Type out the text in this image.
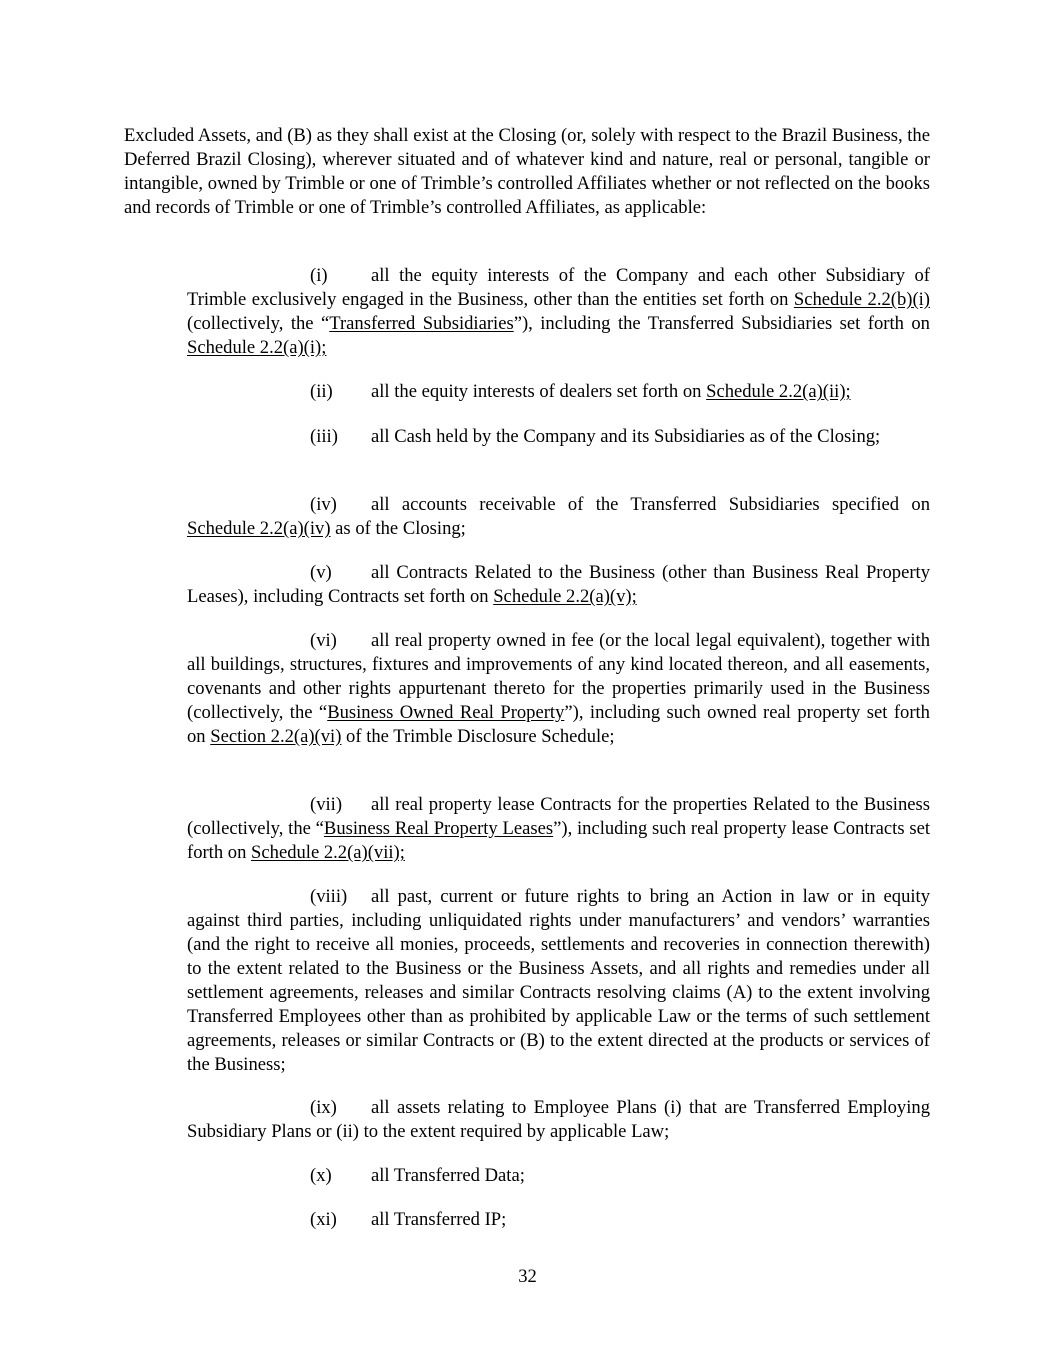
Excluded Assets, and (B) as they shall exist at the Closing (or, solely with respect to the Brazil Business, the Deferred Brazil Closing), wherever situated and of whatever kind and nature, real or personal, tangible or intangible, owned by Trimble or one of Trimble’s controlled Affiliates whether or not reflected on the books and records of Trimble or one of Trimble’s controlled Affiliates, as applicable:

(i) all the equity interests of the Company and each other Subsidiary of Trimble exclusively engaged in the Business, other than the entities set forth on Schedule 2.2(b)(i) (collectively, the “Transferred Subsidiaries”), including the Transferred Subsidiaries set forth on Schedule 2.2(a)(i);

(ii) all the equity interests of dealers set forth on Schedule 2.2(a)(ii);

(iii) all Cash held by the Company and its Subsidiaries as of the Closing;

(iv) all accounts receivable of the Transferred Subsidiaries specified on Schedule 2.2(a)(iv) as of the Closing;

(v) all Contracts Related to the Business (other than Business Real Property Leases), including Contracts set forth on Schedule 2.2(a)(v);

(vi) all real property owned in fee (or the local legal equivalent), together with all buildings, structures, fixtures and improvements of any kind located thereon, and all easements, covenants and other rights appurtenant thereto for the properties primarily used in the Business (collectively, the “Business Owned Real Property”), including such owned real property set forth on Section 2.2(a)(vi) of the Trimble Disclosure Schedule;

(vii) all real property lease Contracts for the properties Related to the Business (collectively, the “Business Real Property Leases”), including such real property lease Contracts set forth on Schedule 2.2(a)(vii);

(viii) all past, current or future rights to bring an Action in law or in equity against third parties, including unliquidated rights under manufacturers’ and vendors’ warranties (and the right to receive all monies, proceeds, settlements and recoveries in connection therewith) to the extent related to the Business or the Business Assets, and all rights and remedies under all settlement agreements, releases and similar Contracts resolving claims (A) to the extent involving Transferred Employees other than as prohibited by applicable Law or the terms of such settlement agreements, releases or similar Contracts or (B) to the extent directed at the products or services of the Business;

(ix) all assets relating to Employee Plans (i) that are Transferred Employing Subsidiary Plans or (ii) to the extent required by applicable Law;

(x) all Transferred Data;

(xi) all Transferred IP;

32
